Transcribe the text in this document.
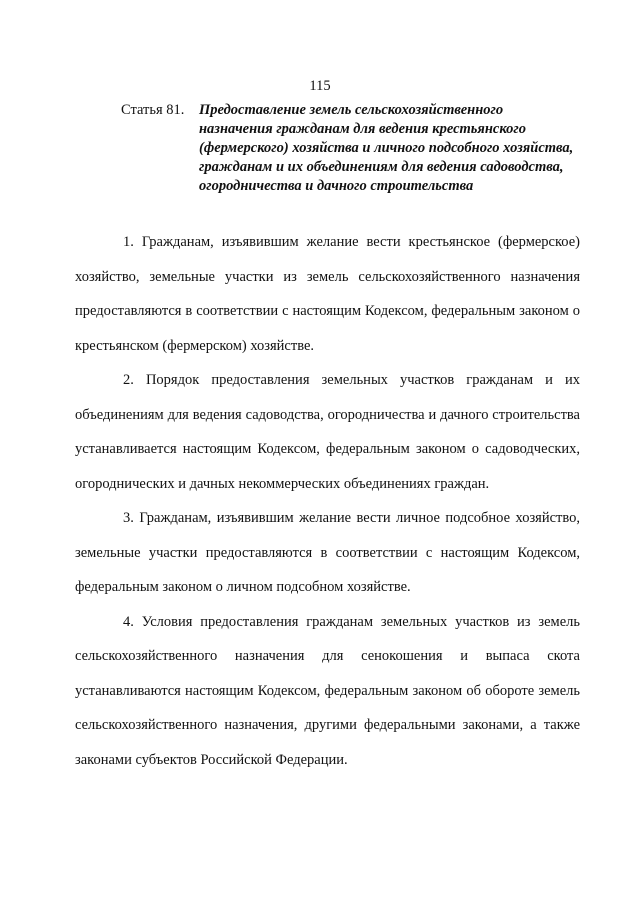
115
Статья 81.	Предоставление земель сельскохозяйственного
назначения гражданам для ведения крестьянского
(фермерского) хозяйства и личного подсобного хозяйства,
гражданам и их объединениям для ведения садоводства,
огородничества и дачного строительства

1. Гражданам, изъявившим желание вести крестьянское (фермерское) хозяйство, земельные участки из земель сельскохозяйственного назначения предоставляются в соответствии с настоящим Кодексом, федеральным законом о крестьянском (фермерском) хозяйстве.

2. Порядок предоставления земельных участков гражданам и их объединениям для ведения садоводства, огородничества и дачного строительства устанавливается настоящим Кодексом, федеральным законом о садоводческих, огороднических и дачных некоммерческих объединениях граждан.

3. Гражданам, изъявившим желание вести личное подсобное хозяйство, земельные участки предоставляются в соответствии с настоящим Кодексом, федеральным законом о личном подсобном хозяйстве.

4. Условия предоставления гражданам земельных участков из земель сельскохозяйственного назначения для сенокошения и выпаса скота устанавливаются настоящим Кодексом, федеральным законом об обороте земель сельскохозяйственного назначения, другими федеральными законами, а также законами субъектов Российской Федерации.
